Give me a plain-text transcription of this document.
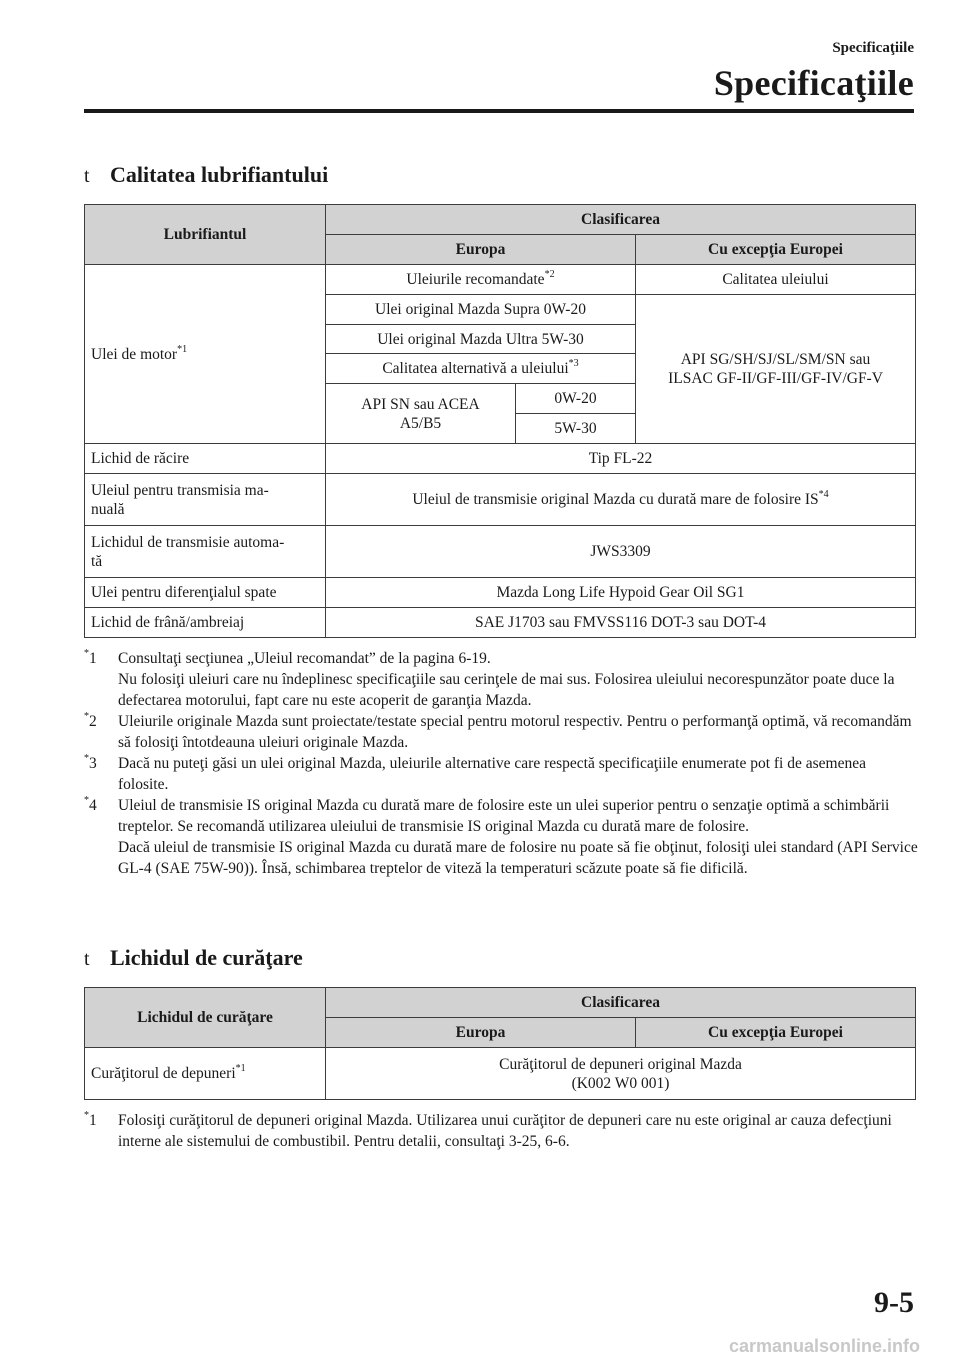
Specificaţiile
Specificaţiile
t Calitatea lubrifiantului
Lubrifiantul	Clasificarea		
	Europa		Cu excepţia Europei
Ulei de motor$^{*1}$	Uleiurile recomandate$^{*2}$		Calitatea uleiului
	Ulei original Mazda Supra 0W-20		API SG/SH/SJ/SL/SM/SN sau
ILSAC GF-II/GF-III/GF-IV/GF-V
	Ulei original Mazda Ultra 5W-30		
	Calitatea alternativă a uleiului$^{*3}$
	API SN sau ACEA
A5/B5	0W-20	
		5W-30	
Lichid de răcire	Tip FL-22		
Uleiul pentru transmisia ma-
nuală	Uleiul de transmisie original Mazda cu durată mare de folosire IS$^{*4}$
Lichidul de transmisie automa-
tă	JWS3309		
Ulei pentru diferenţialul spate	Mazda Long Life Hypoid Gear Oil SG1		
Lichid de frână/ambreiaj	SAE J1703 sau FMVSS116 DOT-3 sau DOT-4		
*1	Consultaţi secţiunea „Uleiul recomandat” de la pagina 6-19.

Nu folosiţi uleiuri care nu îndeplinesc specificaţiile sau cerinţele de mai sus. Folosirea uleiului necorespunzător poate duce la defectarea motorului, fapt care nu este acoperit de garanţia Mazda.

*2	Uleiurile originale Mazda sunt proiectate/testate special pentru motorul respectiv. Pentru o performanţă optimă, vă recomandăm să folosiţi întotdeauna uleiuri originale Mazda.

*3	Dacă nu puteţi găsi un ulei original Mazda, uleiurile alternative care respectă specificaţiile enumerate pot fi de asemenea folosite.

*4	Uleiul de transmisie IS original Mazda cu durată mare de folosire este un ulei superior pentru o senzaţie optimă a schimbării treptelor. Se recomandă utilizarea uleiului de transmisie IS original Mazda cu durată mare de folosire.

Dacă uleiul de transmisie IS original Mazda cu durată mare de folosire nu poate să fie obţinut, folosiţi ulei standard (API Service GL-4 (SAE 75W-90)). Însă, schimbarea treptelor de viteză la temperaturi scăzute poate să fie dificilă.

t Lichidul de curăţare
Lichidul de curăţare	Clasificarea	
	Europa	Cu excepţia Europei
Curăţitorul de depuneri$^{*1}$	Curăţitorul de depuneri original Mazda
(K002 W0 001)	
*1	Folosiţi curăţitorul de depuneri original Mazda. Utilizarea unui curăţitor de depuneri care nu este original ar cauza defecţiuni interne ale sistemului de combustibil. Pentru detalii, consultaţi 3-25, 6-6.

9-5
carmanualsonline.info
